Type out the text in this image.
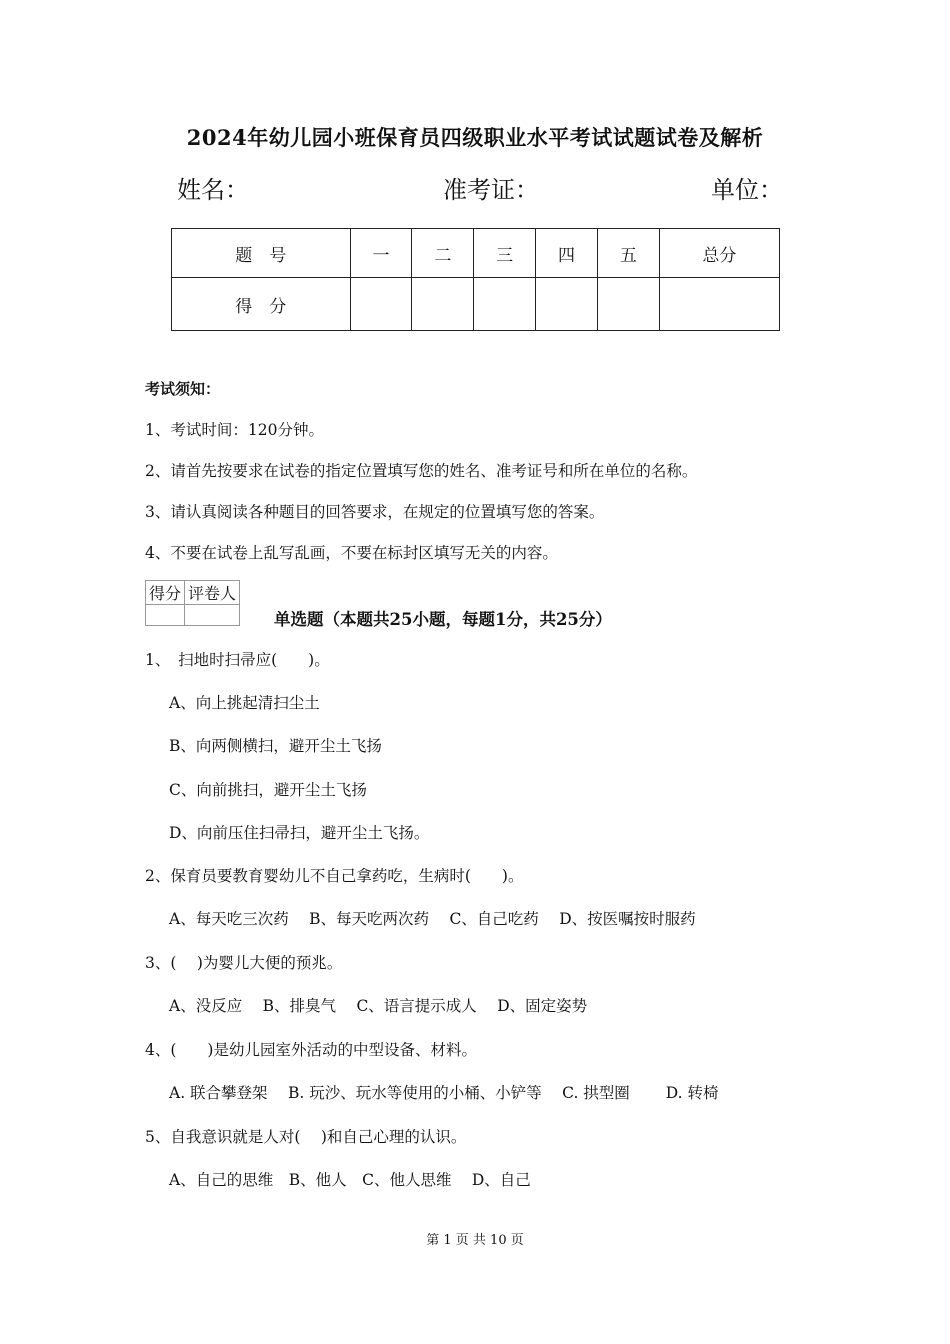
2024年幼儿园小班保育员四级职业水平考试试题试卷及解析
姓名：	准考证：	单位：
题　号	一	二	三	四	五	总分
得　分						
考试须知：
1、考试时间：120分钟。
2、请首先按要求在试卷的指定位置填写您的姓名、准考证号和所在单位的名称。
3、请认真阅读各种题目的回答要求，在规定的位置填写您的答案。
4、不要在试卷上乱写乱画，不要在标封区填写无关的内容。
得分	评卷人

单选题（本题共25小题，每题1分，共25分）
1、　扫地时扫帚应(　　)。
A、向上挑起清扫尘土
B、向两侧横扫，避开尘土飞扬
C、向前挑扫，避开尘土飞扬
D、向前压住扫帚扫，避开尘土飞扬。
2、保育员要教育婴幼儿不自己拿药吃，生病时(　　)。
A、每天吃三次药　 B、每天吃两次药　 C、自己吃药　 D、按医嘱按时服药
3、(　 )为婴儿大便的预兆。
A、没反应　 B、排臭气　 C、语言提示成人　 D、固定姿势
4、(　　)是幼儿园室外活动的中型设备、材料。
A. 联合攀登架　 B. 玩沙、玩水等使用的小桶、小铲等　 C. 拱型圈　　 D. 转椅
5、自我意识就是人对(　 )和自己心理的认识。
A、自己的思维　B、他人　C、他人思维　 D、自己
第 1 页 共 10 页
